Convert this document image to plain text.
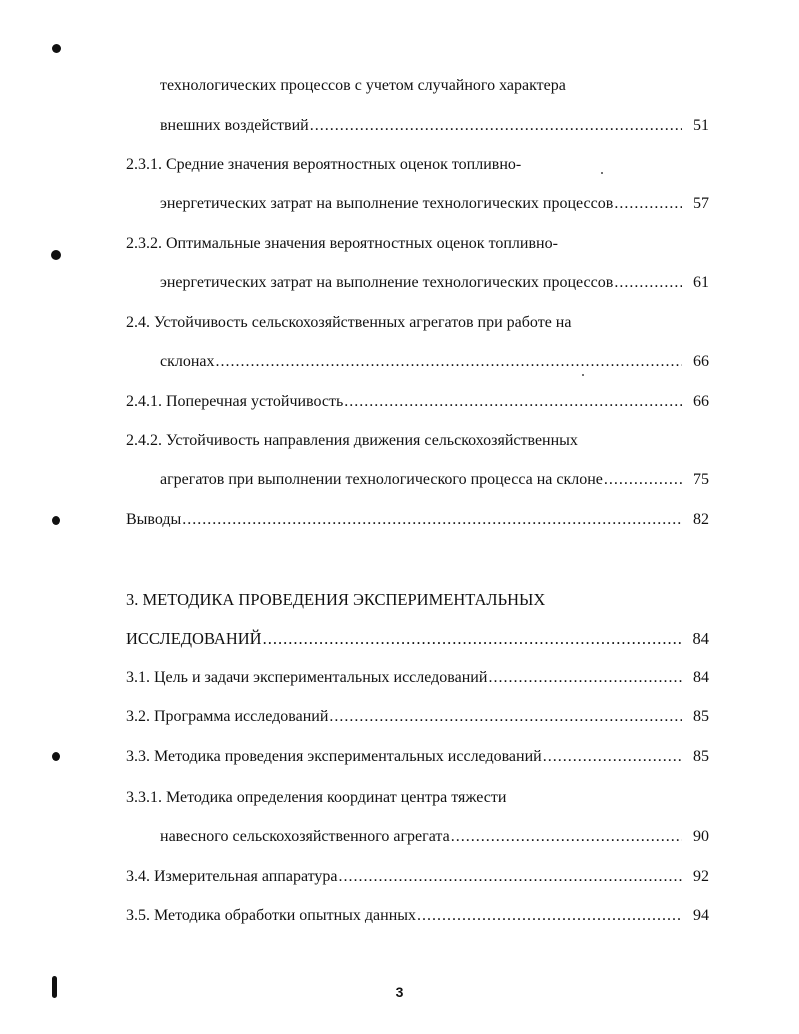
технологических процессов с учетом случайного характера
внешних воздействий .....	51
2.3.1. Средние значения вероятностных оценок топливно-
энергетических затрат на выполнение технологических процессов .....	57
2.3.2. Оптимальные значения вероятностных оценок топливно-
энергетических затрат на выполнение технологических процессов .....	61
2.4. Устойчивость сельскохозяйственных агрегатов при работе на
склонах .....	66
2.4.1. Поперечная устойчивость .....	66
2.4.2. Устойчивость направления движения сельскохозяйственных
агрегатов при выполнении технологического процесса на склоне .....	75
Выводы .....	82
3. МЕТОДИКА ПРОВЕДЕНИЯ ЭКСПЕРИМЕНТАЛЬНЫХ
ИССЛЕДОВАНИЙ .....	84
3.1. Цель и задачи экспериментальных исследований .....	84
3.2. Программа исследований .....	85
3.3. Методика проведения экспериментальных исследований .....	85
3.3.1. Методика определения координат центра тяжести
навесного сельскохозяйственного агрегата .....	90
3.4. Измерительная аппаратура .....	92
3.5. Методика обработки опытных данных .....	94
3
